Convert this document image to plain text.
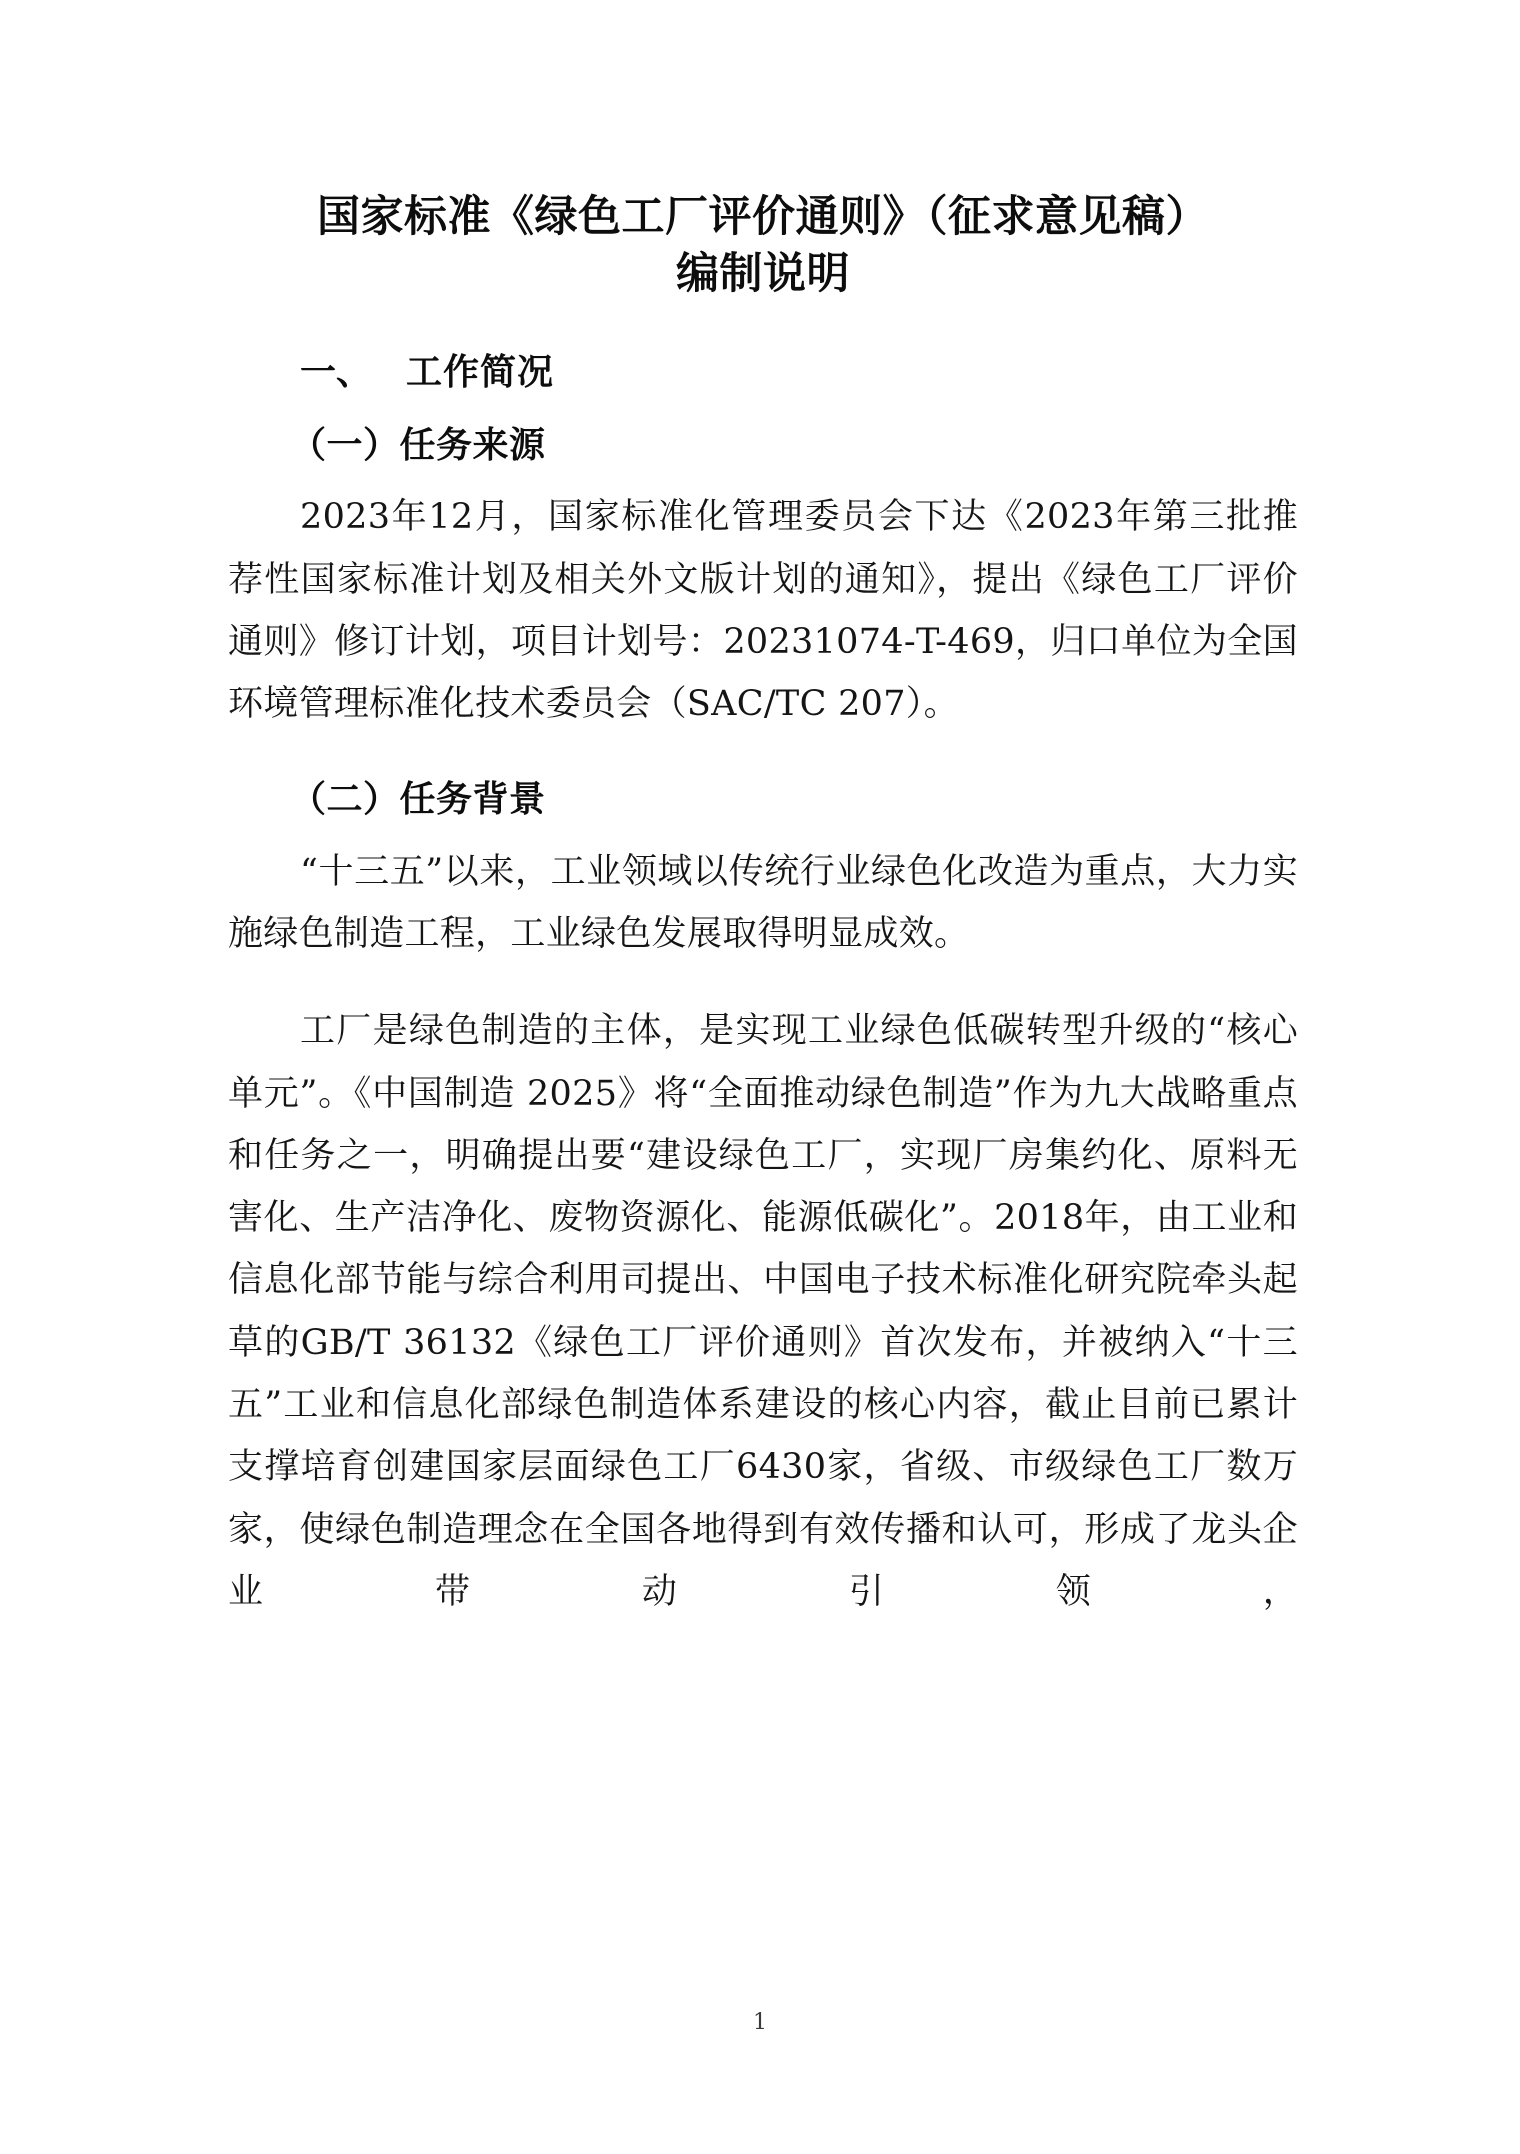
国家标准《绿色工厂评价通则》（征求意见稿）
编制说明
一、 工作简况
（一）任务来源

2023年12月，国家标准化管理委员会下达《2023年第三批推荐性国家标准计划及相关外文版计划的通知》，提出《绿色工厂评价通则》修订计划，项目计划号：20231074-T-469，归口单位为全国环境管理标准化技术委员会（SAC/TC 207）。

（二）任务背景

“十三五”以来，工业领域以传统行业绿色化改造为重点，大力实施绿色制造工程，工业绿色发展取得明显成效。

工厂是绿色制造的主体，是实现工业绿色低碳转型升级的“核心单元”。《中国制造 2025》将“全面推动绿色制造”作为九大战略重点和任务之一，明确提出要“建设绿色工厂，实现厂房集约化、原料无害化、生产洁净化、废物资源化、能源低碳化”。2018年，由工业和信息化部节能与综合利用司提出、中国电子技术标准化研究院牵头起草的GB/T 36132《绿色工厂评价通则》首次发布，并被纳入“十三五”工业和信息化部绿色制造体系建设的核心内容，截止目前已累计支撑培育创建国家层面绿色工厂6430家，省级、市级绿色工厂数万家，使绿色制造理念在全国各地得到有效传播和认可，形成了龙头企业带动引领，

1
